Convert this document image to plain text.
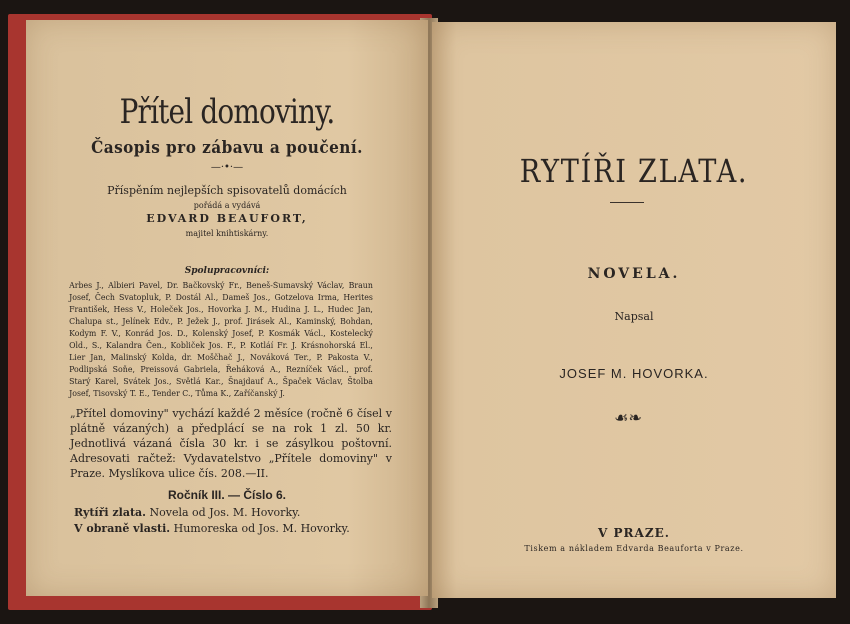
Přítel domoviny.
Časopis pro zábavu a poučení.
—·•·—
Příspěním nejlepších spisovatelů domácích
pořádá a vydává
EDVARD BEAUFORT,
majitel knihtiskárny.
Spolupracovníci:
Arbes J., Albieri Pavel, Dr. Bačkovský Fr., Beneš-Šumavský Václav, Braun Josef, Čech Svatopluk, P. Dostál Al., Dameš Jos., Gotzelova Irma, Herites František, Hess V., Holeček Jos., Hovorka J. M., Hudina J. L., Hudec Jan, Chalupa st., Jelínek Edv., P. Ježek J., prof. Jirásek Al., Kaminský, Bohdan, Kodym F. V., Konrád Jos. D., Kolenský Josef, P. Kosmák Václ., Kostelecký Old., S., Kalandra Čen., Kobliček Jos. F., P. Kotláí Fr. J. Krásnohorská El., Lier Jan, Malinský Kolda, dr. Moščhač J., Nováková Ter., P. Pakosta V., Podlipská Soňe, Preissová Gabriela, Řeháková A., Rezníček Václ., prof. Starý Karel, Svátek Jos., Světlá Kar., Šnajdauf A., Špaček Václav, Štolba Josef, Tisovský T. E., Tender C., Tůma K., Zaříčanský J.
„Přítel domoviny" vychází každé 2 měsíce (ročně 6 čísel v plátně vázaných) a předplácí se na rok 1 zl. 50 kr. Jednotlivá vázaná čísla 30 kr. i se zásylkou poštovní. Adresovati račtež: Vydavatelstvo „Přítele domoviny" v Praze. Myslíkova ulice čís. 208.—II.
Ročník III. — Číslo 6.
Rytíři zlata. Novela od Jos. M. Hovorky.
V obraně vlasti. Humoreska od Jos. M. Hovorky.
RYTÍŘI ZLATA.
NOVELA.
Napsal
JOSEF M. HOVORKA.
☙❧
V PRAZE.
Tiskem a nákladem Edvarda Beauforta v Praze.
